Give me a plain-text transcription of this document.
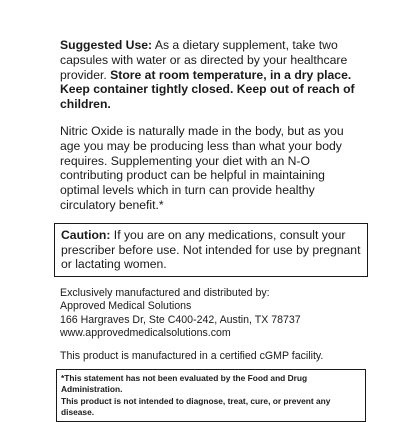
Suggested Use: As a dietary supplement, take two capsules with water or as directed by your healthcare provider. Store at room temperature, in a dry place. Keep container tightly closed. Keep out of reach of children.

Nitric Oxide is naturally made in the body, but as you age you may be producing less than what your body requires. Supplementing your diet with an N-O contributing product can be helpful in maintaining optimal levels which in turn can provide healthy circulatory benefit.*

Caution: If you are on any medications, consult your prescriber before use. Not intended for use by pregnant or lactating women.

Exclusively manufactured and distributed by:

Approved Medical Solutions

166 Hargraves Dr, Ste C400-242, Austin, TX 78737

www.approvedmedicalsolutions.com

This product is manufactured in a certified cGMP facility.

*This statement has not been evaluated by the Food and Drug Administration.
This product is not intended to diagnose, treat, cure, or prevent any disease.
